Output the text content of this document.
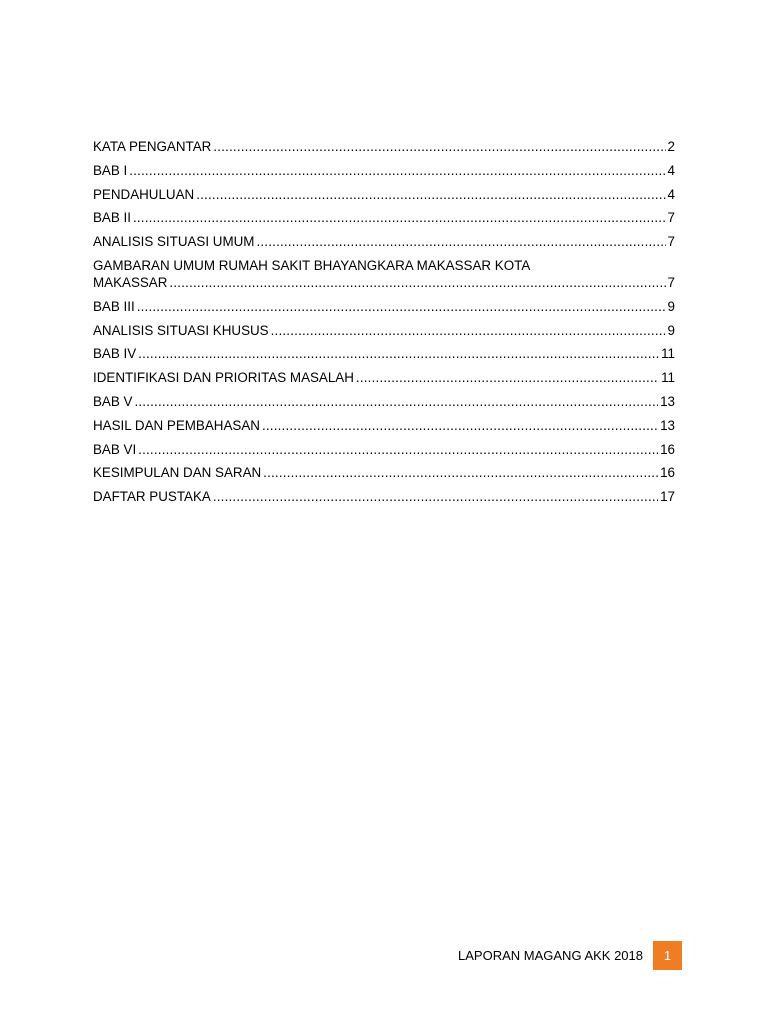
KATA PENGANTAR .....	2
BAB I .....	4
PENDAHULUAN .....	4
BAB II .....	7
ANALISIS SITUASI UMUM .....	7
GAMBARAN UMUM RUMAH SAKIT BHAYANGKARA MAKASSAR KOTA
MAKASSAR .....	7
BAB III .....	9
ANALISIS SITUASI KHUSUS .....	9
BAB IV .....	11
IDENTIFIKASI DAN PRIORITAS MASALAH .....	11
BAB V .....	13
HASIL DAN PEMBAHASAN .....	13
BAB VI .....	16
KESIMPULAN DAN SARAN .....	16
DAFTAR PUSTAKA .....	17
LAPORAN MAGANG AKK 2018	1
